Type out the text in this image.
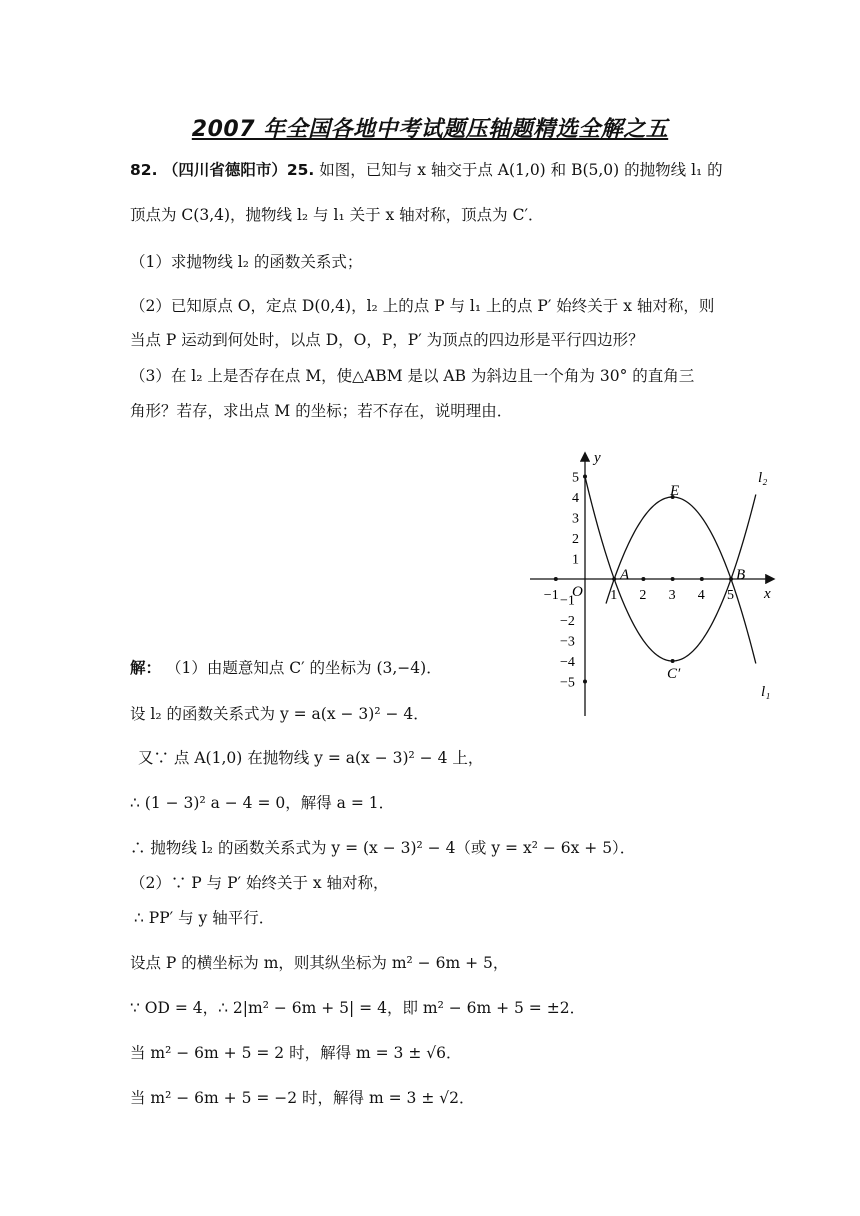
2007 年全国各地中考试题压轴题精选全解之五
82. （四川省德阳市）25. 如图，已知与 x 轴交于点 A(1,0) 和 B(5,0) 的抛物线 l₁ 的
顶点为 C(3,4)，抛物线 l₂ 与 l₁ 关于 x 轴对称，顶点为 C′．
（1）求抛物线 l₂ 的函数关系式；
（2）已知原点 O，定点 D(0,4)，l₂ 上的点 P 与 l₁ 上的点 P′ 始终关于 x 轴对称，则
当点 P 运动到何处时，以点 D，O，P，P′ 为顶点的四边形是平行四边形？
（3）在 l₂ 上是否存在点 M，使△ABM 是以 AB 为斜边且一个角为 30° 的直角三
角形？若存，求出点 M 的坐标；若不存在，说明理由．
−1	1 2 3 4 5
5
4
3
2
1
−1
−2
−3
−4
−5
y
x
O
A	B
E
C′
l₂
l₁
解： （1）由题意知点 C′ 的坐标为 (3,−4)．
设 l₂ 的函数关系式为 y = a(x − 3)² − 4．
又∵ 点 A(1,0) 在抛物线 y = a(x − 3)² − 4 上，
∴ (1 − 3)² a − 4 = 0，解得 a = 1．
∴ 抛物线 l₂ 的函数关系式为 y = (x − 3)² − 4（或 y = x² − 6x + 5）．
（2）∵ P 与 P′ 始终关于 x 轴对称，
∴ PP′ 与 y 轴平行．
设点 P 的横坐标为 m，则其纵坐标为 m² − 6m + 5，
∵ OD = 4，∴ 2|m² − 6m + 5| = 4，即 m² − 6m + 5 = ±2．
当 m² − 6m + 5 = 2 时，解得 m = 3 ± √6．
当 m² − 6m + 5 = −2 时，解得 m = 3 ± √2．
